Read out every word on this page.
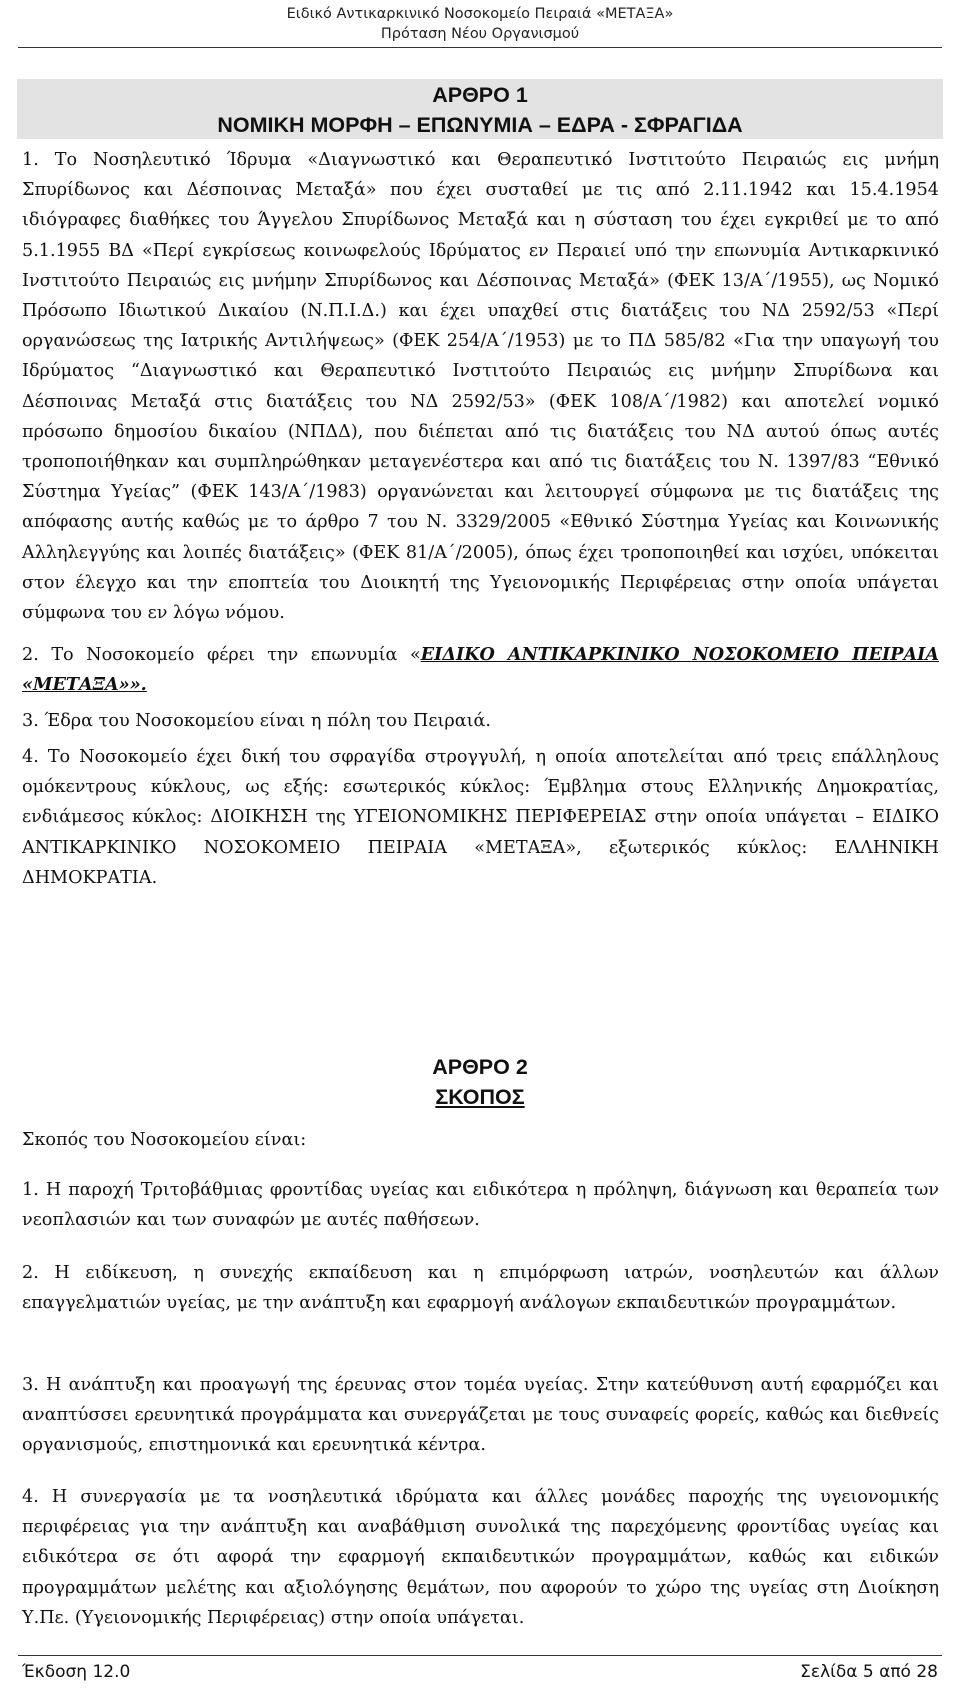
Ειδικό Αντικαρκινικό Νοσοκομείο Πειραιά «ΜΕΤΑΞΑ»
Πρόταση Νέου Οργανισμού
ΑΡΘΡΟ 1
ΝΟΜΙΚΗ ΜΟΡΦΗ – ΕΠΩΝΥΜΙΑ – ΕΔΡΑ - ΣΦΡΑΓΙΔΑ

1. Το Νοσηλευτικό Ίδρυμα «Διαγνωστικό και Θεραπευτικό Ινστιτούτο Πειραιώς εις μνήμη Σπυρίδωνος και Δέσποινας Μεταξά» που έχει συσταθεί με τις από 2.11.1942 και 15.4.1954 ιδιόγραφες διαθήκες του Άγγελου Σπυρίδωνος Μεταξά και η σύσταση του έχει εγκριθεί με το από 5.1.1955 ΒΔ «Περί εγκρίσεως κοινωφελούς Ιδρύματος εν Περαιεί υπό την επωνυμία Αντικαρκινικό Ινστιτούτο Πειραιώς εις μνήμην Σπυρίδωνος και Δέσποινας Μεταξά» (ΦΕΚ 13/Α΄/1955), ως Νομικό Πρόσωπο Ιδιωτικού Δικαίου (Ν.Π.Ι.Δ.) και έχει υπαχθεί στις διατάξεις του ΝΔ 2592/53 «Περί οργανώσεως της Ιατρικής Αντιλήψεως» (ΦΕΚ 254/Α΄/1953) με το ΠΔ 585/82 «Για την υπαγωγή του Ιδρύματος “Διαγνωστικό και Θεραπευτικό Ινστιτούτο Πειραιώς εις μνήμην Σπυρίδωνα και Δέσποινας Μεταξά στις διατάξεις του ΝΔ 2592/53» (ΦΕΚ 108/Α΄/1982) και αποτελεί νομικό πρόσωπο δημοσίου δικαίου (ΝΠΔΔ), που διέπεται από τις διατάξεις του ΝΔ αυτού όπως αυτές τροποποιήθηκαν και συμπληρώθηκαν μεταγενέστερα και από τις διατάξεις του Ν. 1397/83 “Εθνικό Σύστημα Υγείας” (ΦΕΚ 143/Α΄/1983) οργανώνεται και λειτουργεί σύμφωνα με τις διατάξεις της απόφασης αυτής καθώς με το άρθρο 7 του Ν. 3329/2005 «Εθνικό Σύστημα Υγείας και Κοινωνικής Αλληλεγγύης και λοιπές διατάξεις» (ΦΕΚ 81/Α΄/2005), όπως έχει τροποποιηθεί και ισχύει, υπόκειται στον έλεγχο και την εποπτεία του Διοικητή της Υγειονομικής Περιφέρειας στην οποία υπάγεται σύμφωνα του εν λόγω νόμου.

2. Το Νοσοκομείο φέρει την επωνυμία «ΕΙΔΙΚΟ ΑΝΤΙΚΑΡΚΙΝΙΚΟ ΝΟΣΟΚΟΜΕΙΟ ΠΕΙΡΑΙΑ «ΜΕΤΑΞΑ»».

3. Έδρα του Νοσοκομείου είναι η πόλη του Πειραιά.

4. Το Νοσοκομείο έχει δική του σφραγίδα στρογγυλή, η οποία αποτελείται από τρεις επάλληλους ομόκεντρους κύκλους, ως εξής: εσωτερικός κύκλος: Έμβλημα στους Ελληνικής Δημοκρατίας, ενδιάμεσος κύκλος: ΔΙΟΙΚΗΣΗ της ΥΓΕΙΟΝΟΜΙΚΗΣ ΠΕΡΙΦΕΡΕΙΑΣ στην οποία υπάγεται – ΕΙΔΙΚΟ ΑΝΤΙΚΑΡΚΙΝΙΚΟ ΝΟΣΟΚΟΜΕΙΟ ΠΕΙΡΑΙΑ «ΜΕΤΑΞΑ», εξωτερικός κύκλος: ΕΛΛΗΝΙΚΗ ΔΗΜΟΚΡΑΤΙΑ.

ΑΡΘΡΟ 2
ΣΚΟΠΟΣ

Σκοπός του Νοσοκομείου είναι:

1. Η παροχή Τριτοβάθμιας φροντίδας υγείας και ειδικότερα η πρόληψη, διάγνωση και θεραπεία των νεοπλασιών και των συναφών με αυτές παθήσεων.

2. Η ειδίκευση, η συνεχής εκπαίδευση και η επιμόρφωση ιατρών, νοσηλευτών και άλλων επαγγελματιών υγείας, με την ανάπτυξη και εφαρμογή ανάλογων εκπαιδευτικών προγραμμάτων.

3. Η ανάπτυξη και προαγωγή της έρευνας στον τομέα υγείας. Στην κατεύθυνση αυτή εφαρμόζει και αναπτύσσει ερευνητικά προγράμματα και συνεργάζεται με τους συναφείς φορείς, καθώς και διεθνείς οργανισμούς, επιστημονικά και ερευνητικά κέντρα.

4. Η συνεργασία με τα νοσηλευτικά ιδρύματα και άλλες μονάδες παροχής της υγειονομικής περιφέρειας για την ανάπτυξη και αναβάθμιση συνολικά της παρεχόμενης φροντίδας υγείας και ειδικότερα σε ότι αφορά την εφαρμογή εκπαιδευτικών προγραμμάτων, καθώς και ειδικών προγραμμάτων μελέτης και αξιολόγησης θεμάτων, που αφορούν το χώρο της υγείας στη Διοίκηση Υ.Πε. (Υγειονομικής Περιφέρειας) στην οποία υπάγεται.

Έκδοση 12.0	Σελίδα 5 από 28
